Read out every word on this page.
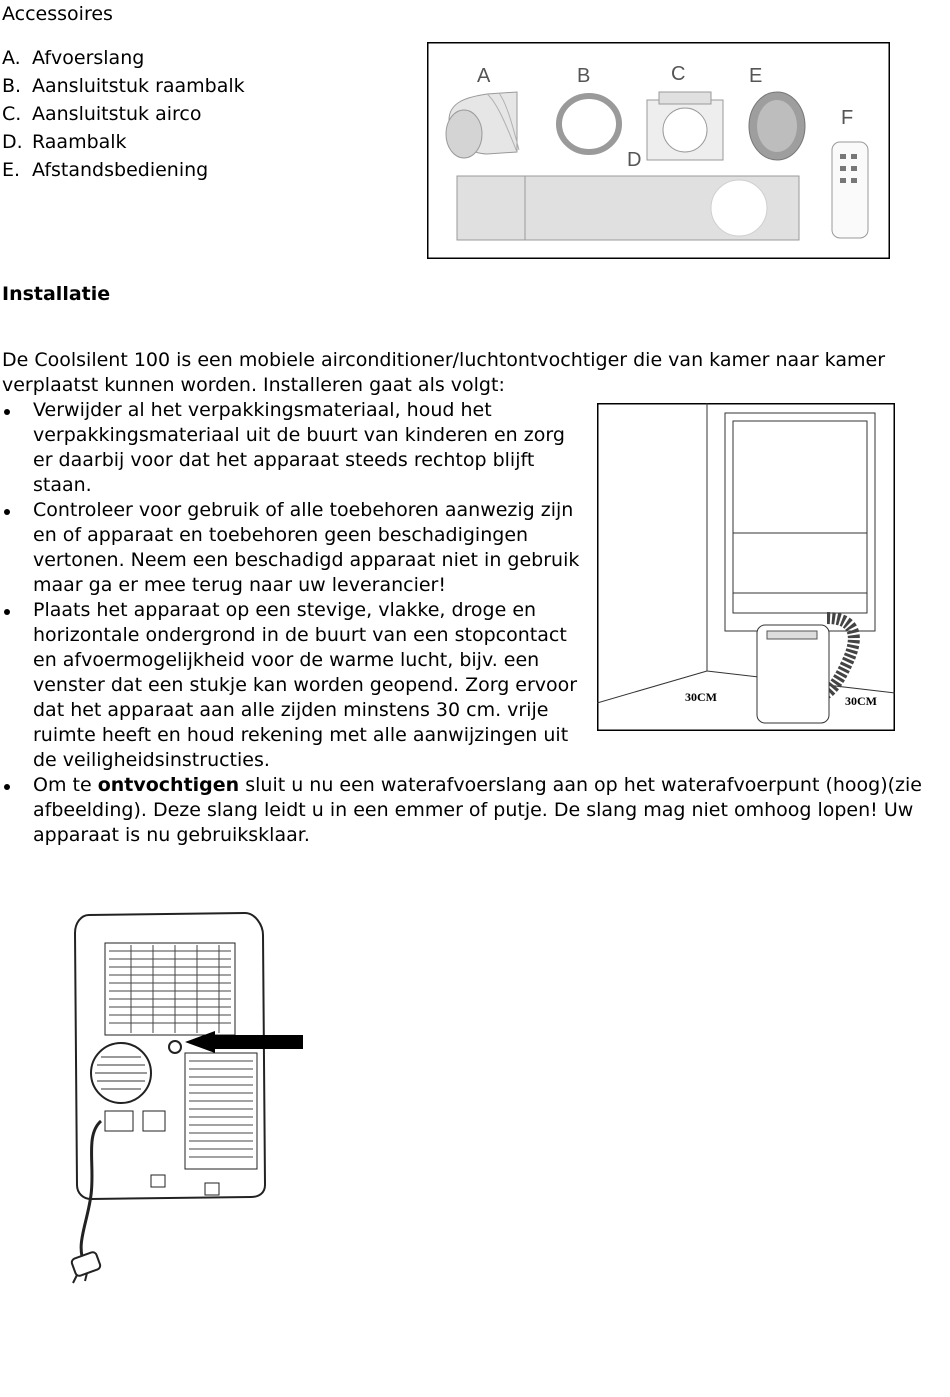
Accessoires
A. Afvoerslang
B. Aansluitstuk raambalk
C. Aansluitstuk airco
D. Raambalk
E. Afstandsbediening
A	B	C	E
F
D
Installatie

De Coolsilent 100 is een mobiele airconditioner/luchtontvochtiger die van kamer naar kamer verplaatst kunnen worden. Installeren gaat als volgt:

30CM	30CM
Verwijder al het verpakkingsmateriaal, houd het verpakkingsmateriaal uit de buurt van kinderen en zorg er daarbij voor dat het apparaat steeds rechtop blijft staan.
Controleer voor gebruik of alle toebehoren aanwezig zijn en of apparaat en toebehoren geen beschadigingen vertonen. Neem een beschadigd apparaat niet in gebruik maar ga er mee terug naar uw leverancier!
Plaats het apparaat op een stevige, vlakke, droge en horizontale ondergrond in de buurt van een stopcontact en afvoermogelijkheid voor de warme lucht, bijv. een venster dat een stukje kan worden geopend. Zorg ervoor dat het apparaat aan alle zijden minstens 30 cm. vrije ruimte heeft en houd rekening met alle aanwijzingen uit de veiligheidsinstructies.
Om te ontvochtigen sluit u nu een waterafvoerslang aan op het waterafvoerpunt (hoog)(zie afbeelding). Deze slang leidt u in een emmer of putje. De slang mag niet omhoog lopen! Uw apparaat is nu gebruiksklaar.
